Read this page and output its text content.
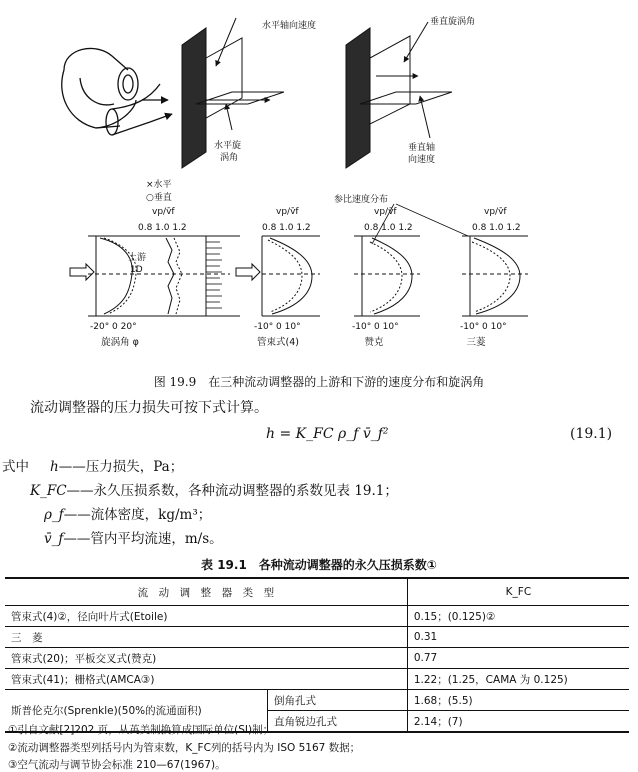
水平轴向速度
水平旋
涡角
垂直旋涡角
垂直轴
向速度
×水平
○垂直	参比速度分布
vp/v̄f	vp/v̄f	vp/v̄f	vp/v̄f
0.8 1.0 1.2	0.8 1.0 1.2	0.8 1.0 1.2	0.8 1.0 1.2
上游
1D
-20° 0 20°
旋涡角 φ
-10° 0 10°
管束式(4)
-10° 0 10°
赞克
-10° 0 10°
三菱
图 19.9　在三种流动调整器的上游和下游的速度分布和旋涡角
流动调整器的压力损失可按下式计算。
h = K_FC ρ_f v̄_f²	(19.1)
式中 h——压力损失，Pa；
K_FC——永久压损系数，各种流动调整器的系数见表 19.1；
ρ_f——流体密度，kg/m³；
v̄_f——管内平均流速，m/s。
表 19.1　各种流动调整器的永久压损系数①
流　动　调　整　器　类　型		K_FC
管束式(4)②，径向叶片式(Etoile)		0.15；(0.125)②
三　菱		0.31
管束式(20)；平板交叉式(赞克)		0.77
管束式(41)；栅格式(AMCA③)		1.22；(1.25，CAMA 为 0.125)
斯普伦克尔(Sprenkle)(50%的流通面积)	倒角孔式	1.68；(5.5)
	直角锐边孔式	2.14；(7)
①引自文献[2]202 页，从英美制换算成国际单位(SI)制；
②流动调整器类型列括号内为管束数，K_FC列的括号内为 ISO 5167 数据；
③空气流动与调节协会标准 210—67(1967)。
